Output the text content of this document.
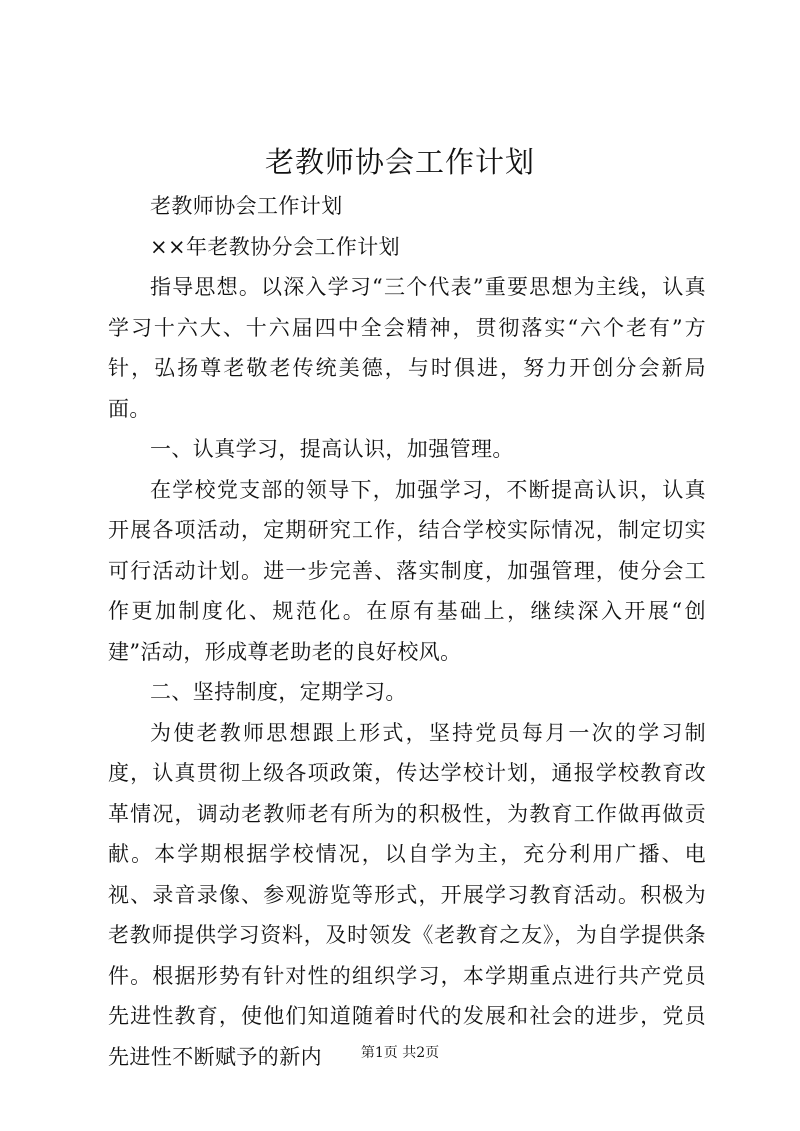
老教师协会工作计划

老教师协会工作计划

××年老教协分会工作计划

指导思想。以深入学习“三个代表”重要思想为主线，认真学习十六大、十六届四中全会精神，贯彻落实“六个老有”方针，弘扬尊老敬老传统美德，与时俱进，努力开创分会新局面。

一、认真学习，提高认识，加强管理。

在学校党支部的领导下，加强学习，不断提高认识，认真开展各项活动，定期研究工作，结合学校实际情况，制定切实可行活动计划。进一步完善、落实制度，加强管理，使分会工作更加制度化、规范化。在原有基础上，继续深入开展“创建”活动，形成尊老助老的良好校风。

二、坚持制度，定期学习。

为使老教师思想跟上形式，坚持党员每月一次的学习制度，认真贯彻上级各项政策，传达学校计划，通报学校教育改革情况，调动老教师老有所为的积极性，为教育工作做再做贡献。本学期根据学校情况，以自学为主，充分利用广播、电视、录音录像、参观游览等形式，开展学习教育活动。积极为老教师提供学习资料，及时领发《老教育之友》，为自学提供条件。根据形势有针对性的组织学习，本学期重点进行共产党员先进性教育，使他们知道随着时代的发展和社会的进步，党员先进性不断赋予的新内	第1页 共2页
